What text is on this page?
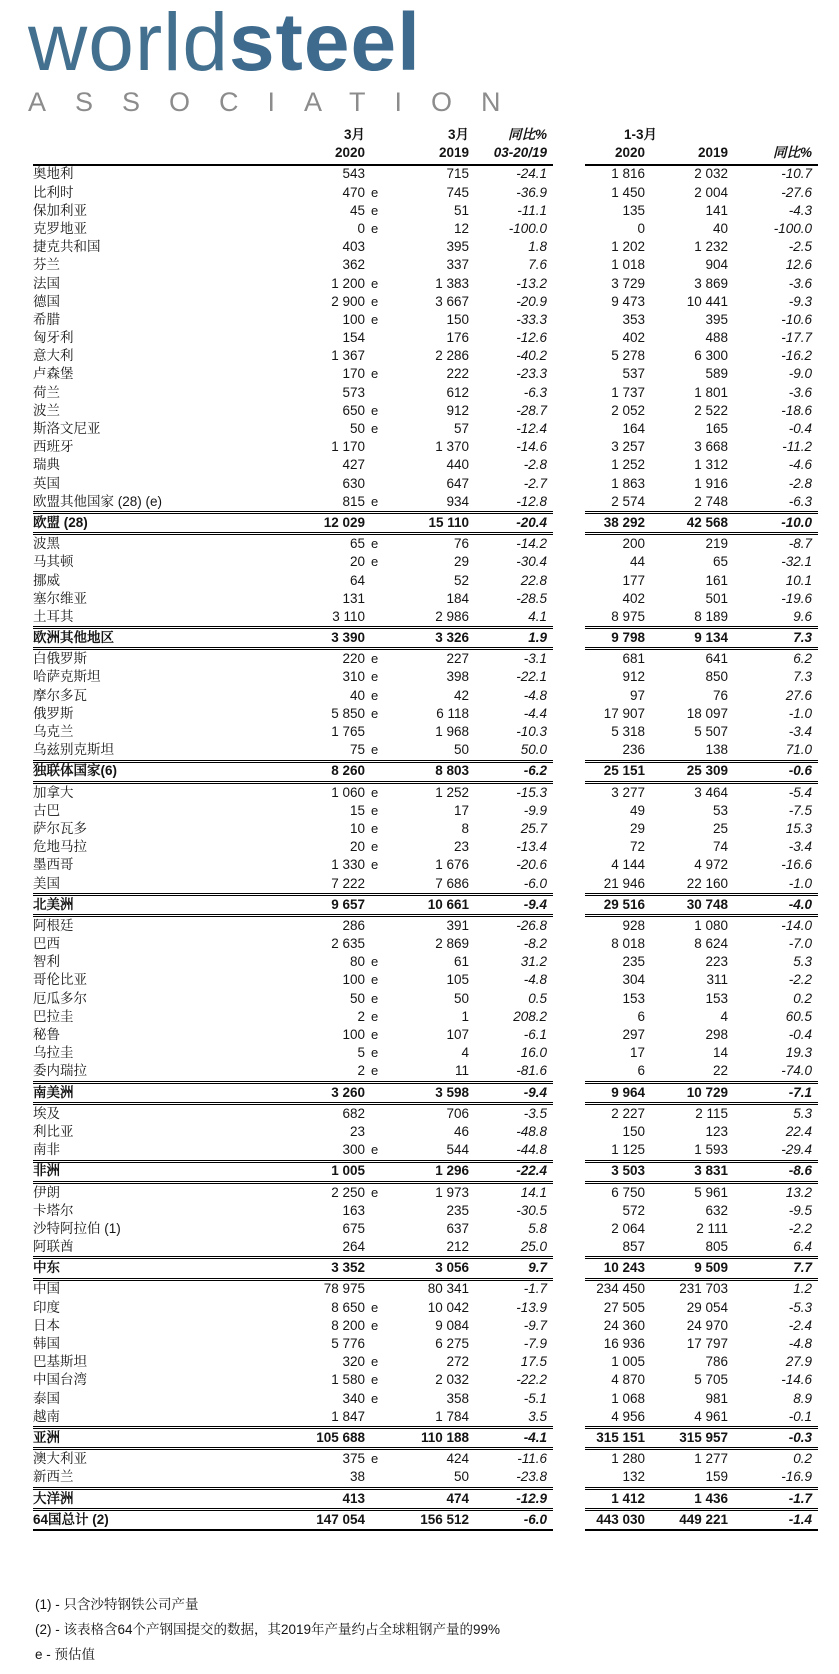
worldsteel
ASSOCIATION
	3月		3月	同比%	1-3月			
	2020		2019	03-20/19		2020	2019	同比%
奥地利	543		715	-24.1		1 816	2 032	-10.7
比利时	470	e	745	-36.9		1 450	2 004	-27.6
保加利亚	45	e	51	-11.1		135	141	-4.3
克罗地亚	0	e	12	-100.0		0	40	-100.0
捷克共和国	403		395	1.8		1 202	1 232	-2.5
芬兰	362		337	7.6		1 018	904	12.6
法国	1 200	e	1 383	-13.2		3 729	3 869	-3.6
德国	2 900	e	3 667	-20.9		9 473	10 441	-9.3
希腊	100	e	150	-33.3		353	395	-10.6
匈牙利	154		176	-12.6		402	488	-17.7
意大利	1 367		2 286	-40.2		5 278	6 300	-16.2
卢森堡	170	e	222	-23.3		537	589	-9.0
荷兰	573		612	-6.3		1 737	1 801	-3.6
波兰	650	e	912	-28.7		2 052	2 522	-18.6
斯洛文尼亚	50	e	57	-12.4		164	165	-0.4
西班牙	1 170		1 370	-14.6		3 257	3 668	-11.2
瑞典	427		440	-2.8		1 252	1 312	-4.6
英国	630		647	-2.7		1 863	1 916	-2.8
欧盟其他国家 (28) (e)	815	e	934	-12.8		2 574	2 748	-6.3
欧盟 (28)	12 029		15 110	-20.4		38 292	42 568	-10.0
波黑	65	e	76	-14.2		200	219	-8.7
马其顿	20	e	29	-30.4		44	65	-32.1
挪威	64		52	22.8		177	161	10.1
塞尔维亚	131		184	-28.5		402	501	-19.6
土耳其	3 110		2 986	4.1		8 975	8 189	9.6
欧洲其他地区	3 390		3 326	1.9		9 798	9 134	7.3
白俄罗斯	220	e	227	-3.1		681	641	6.2
哈萨克斯坦	310	e	398	-22.1		912	850	7.3
摩尔多瓦	40	e	42	-4.8		97	76	27.6
俄罗斯	5 850	e	6 118	-4.4		17 907	18 097	-1.0
乌克兰	1 765		1 968	-10.3		5 318	5 507	-3.4
乌兹别克斯坦	75	e	50	50.0		236	138	71.0
独联体国家(6)	8 260		8 803	-6.2		25 151	25 309	-0.6
加拿大	1 060	e	1 252	-15.3		3 277	3 464	-5.4
古巴	15	e	17	-9.9		49	53	-7.5
萨尔瓦多	10	e	8	25.7		29	25	15.3
危地马拉	20	e	23	-13.4		72	74	-3.4
墨西哥	1 330	e	1 676	-20.6		4 144	4 972	-16.6
美国	7 222		7 686	-6.0		21 946	22 160	-1.0
北美洲	9 657		10 661	-9.4		29 516	30 748	-4.0
阿根廷	286		391	-26.8		928	1 080	-14.0
巴西	2 635		2 869	-8.2		8 018	8 624	-7.0
智利	80	e	61	31.2		235	223	5.3
哥伦比亚	100	e	105	-4.8		304	311	-2.2
厄瓜多尔	50	e	50	0.5		153	153	0.2
巴拉圭	2	e	1	208.2		6	4	60.5
秘鲁	100	e	107	-6.1		297	298	-0.4
乌拉圭	5	e	4	16.0		17	14	19.3
委内瑞拉	2	e	11	-81.6		6	22	-74.0
南美洲	3 260		3 598	-9.4		9 964	10 729	-7.1
埃及	682		706	-3.5		2 227	2 115	5.3
利比亚	23		46	-48.8		150	123	22.4
南非	300	e	544	-44.8		1 125	1 593	-29.4
非洲	1 005		1 296	-22.4		3 503	3 831	-8.6
伊朗	2 250	e	1 973	14.1		6 750	5 961	13.2
卡塔尔	163		235	-30.5		572	632	-9.5
沙特阿拉伯 (1)	675		637	5.8		2 064	2 111	-2.2
阿联酋	264		212	25.0		857	805	6.4
中东	3 352		3 056	9.7		10 243	9 509	7.7
中国	78 975		80 341	-1.7		234 450	231 703	1.2
印度	8 650	e	10 042	-13.9		27 505	29 054	-5.3
日本	8 200	e	9 084	-9.7		24 360	24 970	-2.4
韩国	5 776		6 275	-7.9		16 936	17 797	-4.8
巴基斯坦	320	e	272	17.5		1 005	786	27.9
中国台湾	1 580	e	2 032	-22.2		4 870	5 705	-14.6
泰国	340	e	358	-5.1		1 068	981	8.9
越南	1 847		1 784	3.5		4 956	4 961	-0.1
亚洲	105 688		110 188	-4.1		315 151	315 957	-0.3
澳大利亚	375	e	424	-11.6		1 280	1 277	0.2
新西兰	38		50	-23.8		132	159	-16.9
大洋洲	413		474	-12.9		1 412	1 436	-1.7
64国总计 (2)	147 054		156 512	-6.0		443 030	449 221	-1.4
(1) - 只含沙特钢铁公司产量
(2) - 该表格含64个产钢国提交的数据，其2019年产量约占全球粗钢产量的99%
e - 预估值
